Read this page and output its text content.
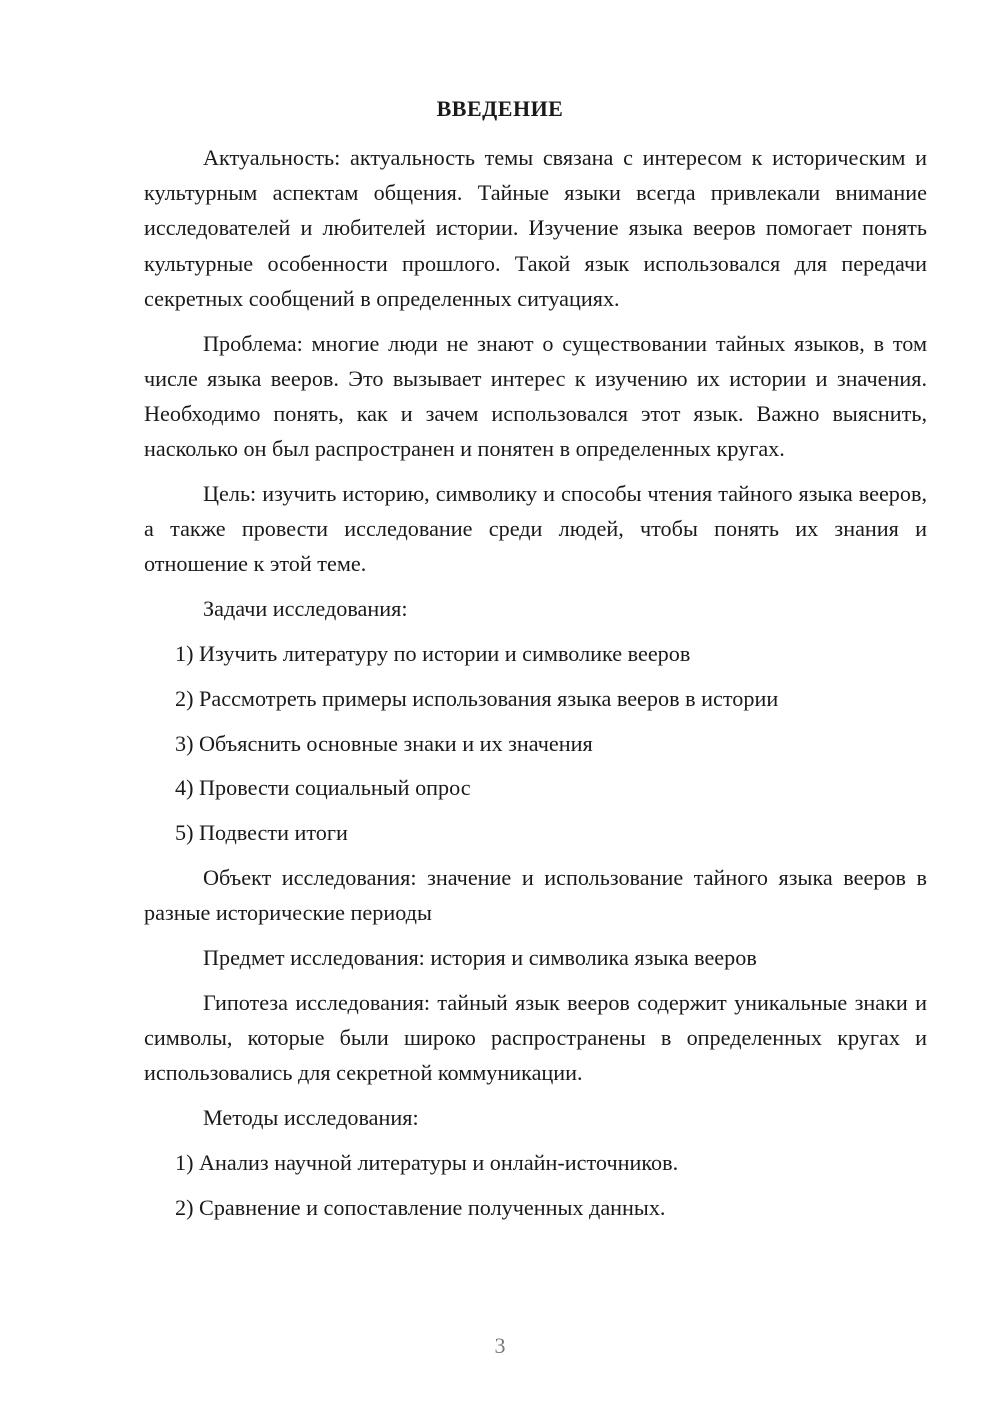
ВВЕДЕНИЕ

Актуальность: актуальность темы связана с интересом к историческим и культурным аспектам общения. Тайные языки всегда привлекали внимание исследователей и любителей истории. Изучение языка вееров помогает понять культурные особенности прошлого. Такой язык использовался для передачи секретных сообщений в определенных ситуациях.

Проблема: многие люди не знают о существовании тайных языков, в том числе языка вееров. Это вызывает интерес к изучению их истории и значения. Необходимо понять, как и зачем использовался этот язык. Важно выяснить, насколько он был распространен и понятен в определенных кругах.

Цель: изучить историю, символику и способы чтения тайного языка вееров, а также провести исследование среди людей, чтобы понять их знания и отношение к этой теме.

Задачи исследования:

1) Изучить литературу по истории и символике вееров

2) Рассмотреть примеры использования языка вееров в истории

3) Объяснить основные знаки и их значения

4) Провести социальный опрос

5) Подвести итоги

Объект исследования: значение и использование тайного языка вееров в разные исторические периоды

Предмет исследования: история и символика языка вееров

Гипотеза исследования: тайный язык вееров содержит уникальные знаки и символы, которые были широко распространены в определенных кругах и использовались для секретной коммуникации.

Методы исследования:

1) Анализ научной литературы и онлайн-источников.

2) Сравнение и сопоставление полученных данных.

3
